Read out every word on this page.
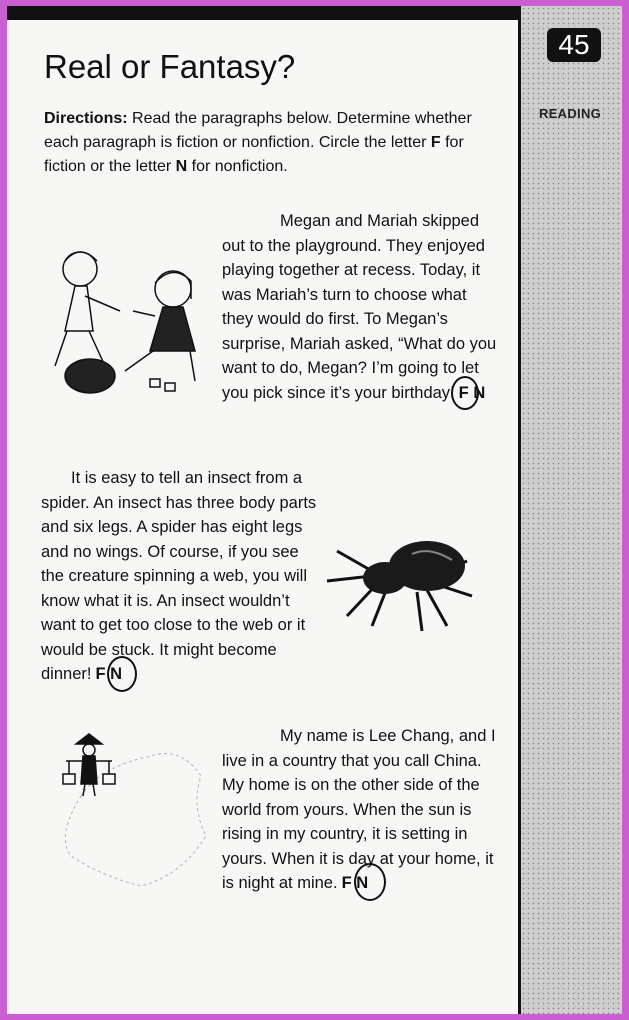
45
READING
Real or Fantasy?
Directions: Read the paragraphs below. Determine whether each paragraph is fiction or nonfiction. Circle the letter F for fiction or the letter N for nonfiction.
Megan and Mariah skipped out to the playground. They enjoyed playing together at recess. Today, it was Mariah’s turn to choose what they would do first. To Megan’s surprise, Mariah asked, “What do you want to do, Megan? I’m going to let you pick since it’s your birthday! F N
It is easy to tell an insect from a spider. An insect has three body parts and six legs. A spider has eight legs and no wings. Of course, if you see the creature spinning a web, you will know what it is. An insect wouldn’t want to get too close to the web or it would be stuck. It might become dinner! F N
My name is Lee Chang, and I live in a country that you call China. My home is on the other side of the world from yours. When the sun is rising in my country, it is setting in yours. When it is day at your home, it is night at mine. F N
